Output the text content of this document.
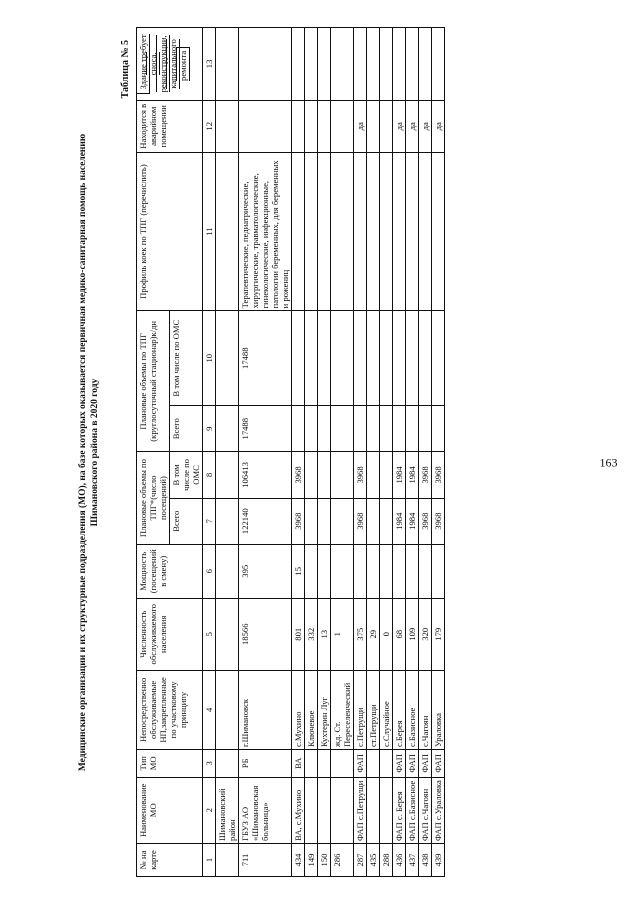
163
Медицинские организации и их структурные подразделения (МО), на базе которых оказывается первичная медико-санитарная помощь населению Шимановского района в 2020 году
Таблица № 5
№ на карте	Наименование МО	Тип МО	Непосредственно обслуживаемые НП,закрепленные по участковому принципу	Численность обслуживаемого населения	Мощность (посещений в смену)	Плановые объемы по ТПГ*(число посещений)		Плановые объемы по ТПГ (круглосуточный стационар)к/дн		Профиль коек по ТПГ (перечислить)	Находится в аварийном помещении	Здание требует сноса, реконструкции, капитального ремонта
						Всего	В том числе по ОМС	Всего	В том числе по ОМС			
1	2	3	4	5	6	7	8	9	10	11	12	13
	Шимановский район											
711	ГБУЗ АО «Шимановская больница»	РБ	г.Шимановск	18566	395	122140	106413	17488	17488	Терапевтические, педиатрические, хирургические, травматологические, гинекологические, инфекционные, патологии беременных, для беременных и рожениц		
434	ВА, с.Мухино	ВА	с.Мухино	801	15	3968	3968					
149			Ключевое	332								
150			Кухтерин Луг	13								
286			жд. Ст. Переселенческий	1								
287	ФАП с.Петрущи	ФАП	с.Петрущи	375		3968	3968				да	
435			ст.Петрущи	29								
288			с.Случайное	0								
436	ФАП с. Берея	ФАП	с.Берея	68		1984	1984				да	
437	ФАП с.Базисное	ФАП	с.Базисное	109		1984	1984				да	
438	ФАП с.Чагоян	ФАП	с.Чагоян	320		3968	3968				да	
439	ФАП с.Ураловка	ФАП	Ураловка	179		3968	3968				да	
